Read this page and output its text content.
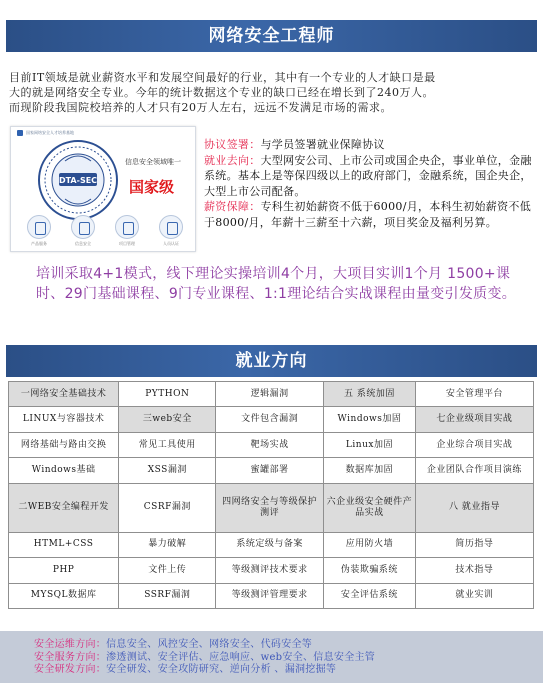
网络安全工程师
目前IT领域是就业薪资水平和发展空间最好的行业，其中有一个专业的人才缺口是最
大的就是网络安全专业。今年的统计数据这个专业的缺口已经在增长到了240万人。
而现阶段我国院校培养的人才只有20万人左右，远远不发满足市场的需求。
国家网络安全人才培养基地
DTA-SEC
信息安全领域唯一
国家级
产品服务	信息安全	项目管理	人员认证
协议签署：与学员签署就业保障协议
就业去向：大型网安公司、上市公司或国企央企，事业单位，金融系统。基本上是等保四级以上的政府部门，金融系统，国企央企，大型上市公司配备。
薪资保障：专科生初始薪资不低于6000/月，本科生初始薪资不低于8000/月，年薪十三薪至十六薪，项目奖金及福利另算。
培训采取4+1模式，线下理论实操培训4个月，大项目实训1个月 1500+课时、29门基础课程、9门专业课程、1:1理论结合实战课程由量变引发质变。
就业方向
一网络安全基础技术	PYTHON	逻辑漏洞	五 系统加固	安全管理平台
LINUX与容器技术	三web安全	文件包含漏洞	Windows加固	七企业级项目实战
网络基础与路由交换	常见工具使用	靶场实战	Linux加固	企业综合项目实战
Windows基础	XSS漏洞	蜜罐部署	数据库加固	企业团队合作项目演练
二WEB安全编程开发	CSRF漏洞	四网络安全与等级保护测评	六企业级安全硬件产品实战	八 就业指导
HTML+CSS	暴力破解	系统定级与备案	应用防火墙	简历指导
PHP	文件上传	等级测评技术要求	伪装欺骗系统	技术指导
MYSQL数据库	SSRF漏洞	等级测评管理要求	安全评估系统	就业实训
安全运维方向：信息安全、风控安全、网络安全、代码安全等
安全服务方向：渗透测试、安全评估、应急响应、web安全、信息安全主管
安全研发方向：安全研发、安全攻防研究、逆向分析 、漏洞挖掘等
